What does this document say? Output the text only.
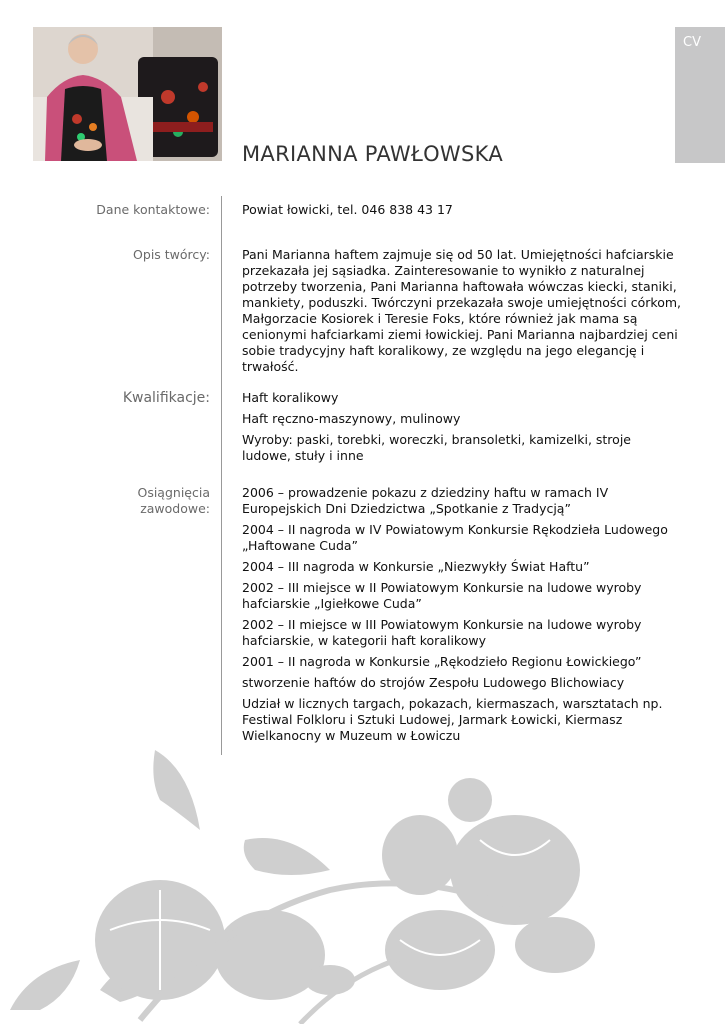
CV
MARIANNA PAWŁOWSKA
Dane kontaktowe:	Powiat łowicki, tel. 046 838 43 17
Opis twórcy:	Pani Marianna haftem zajmuje się od 50 lat. Umiejętności hafciarskie przekazała jej sąsiadka. Zainteresowanie to wynikło z naturalnej potrzeby tworzenia, Pani Marianna haftowała wówczas kiecki, staniki, mankiety, poduszki. Twórczyni przekazała swoje umiejętności córkom, Małgorzacie Kosiorek i Teresie Foks, które również jak mama są cenionymi hafciarkami ziemi łowickiej. Pani Marianna najbardziej ceni sobie tradycyjny haft koralikowy, ze względu na jego elegancję i trwałość.
Kwalifikacje:	Haft koralikowy

Haft ręczno-maszynowy, mulinowy

Wyroby: paski, torebki, woreczki, bransoletki, kamizelki, stroje ludowe, stuły i inne

Osiągnięcia
zawodowe:

2006 – prowadzenie pokazu z dziedziny haftu w ramach IV Europejskich Dni Dziedzictwa „Spotkanie z Tradycją”

2004 – II nagroda w IV Powiatowym Konkursie Rękodzieła Ludowego „Haftowane Cuda”

2004 – III nagroda w Konkursie „Niezwykły Świat Haftu”

2002 – III miejsce w II Powiatowym Konkursie na ludowe wyroby hafciarskie „Igiełkowe Cuda”

2002 – II miejsce w III Powiatowym Konkursie na ludowe wyroby hafciarskie, w kategorii haft koralikowy

2001 – II nagroda w Konkursie „Rękodzieło Regionu Łowickiego”

stworzenie haftów do strojów Zespołu Ludowego Blichowiacy

Udział w licznych targach, pokazach, kiermaszach, warsztatach np. Festiwal Folkloru i Sztuki Ludowej, Jarmark Łowicki, Kiermasz Wielkanocny w Muzeum w Łowiczu
